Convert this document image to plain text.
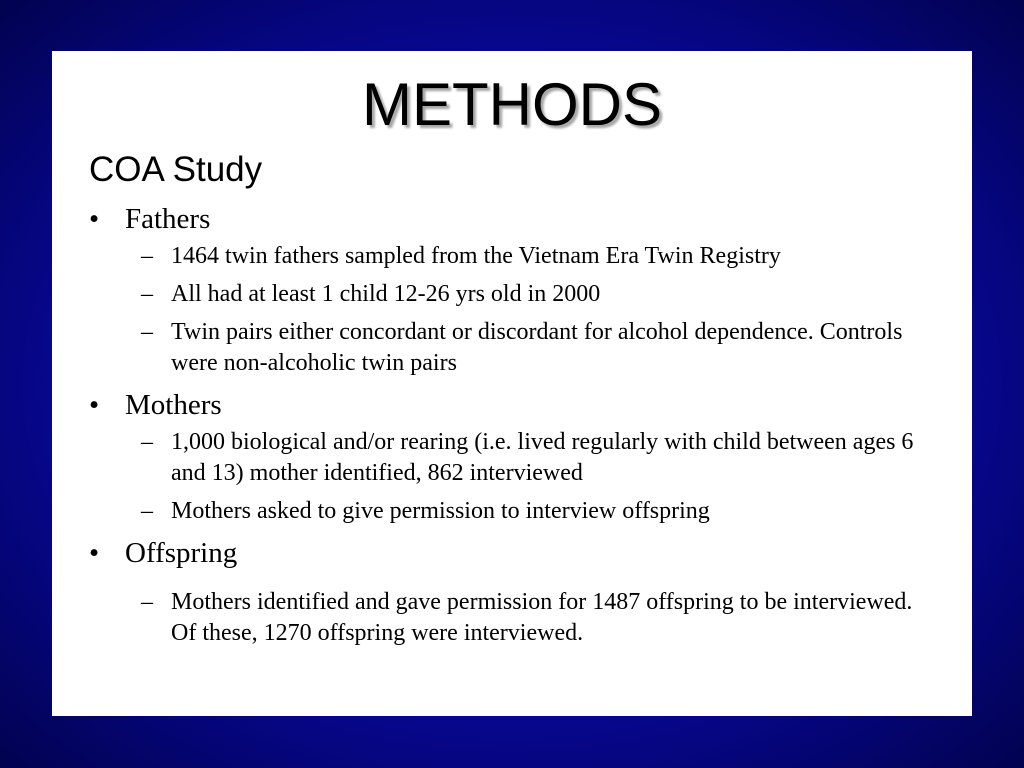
METHODS
COA Study
• Fathers
– 1464 twin fathers sampled from the Vietnam Era Twin Registry
– All had at least 1 child 12-26 yrs old in 2000
– Twin pairs either concordant or discordant for alcohol dependence. Controls were non-alcoholic twin pairs
• Mothers
– 1,000 biological and/or rearing (i.e. lived regularly with child between ages 6 and 13) mother identified, 862 interviewed
– Mothers asked to give permission to interview offspring
• Offspring
– Mothers identified and gave permission for 1487 offspring to be interviewed. Of these, 1270 offspring were interviewed.
